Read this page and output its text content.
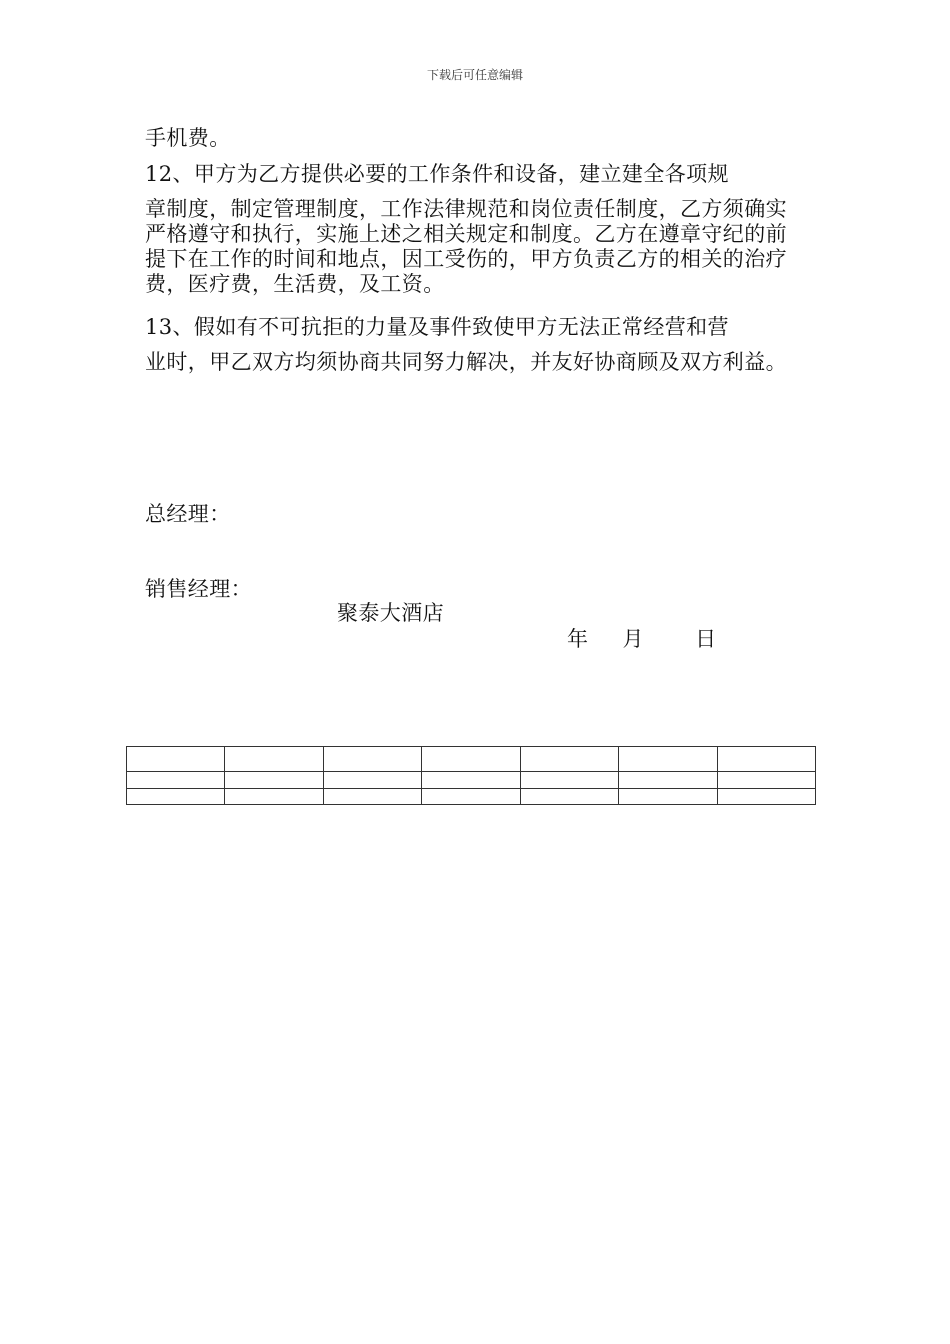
下载后可任意编辑

手机费。

12、甲方为乙方提供必要的工作条件和设备，建立建全各项规
章制度，制定管理制度，工作法律规范和岗位责任制度，乙方须确实严格遵守和执行，实施上述之相关规定和制度。乙方在遵章守纪的前提下在工作的时间和地点，因工受伤的，甲方负责乙方的相关的治疗费，医疗费，生活费，及工资。

13、假如有不可抗拒的力量及事件致使甲方无法正常经营和营
业时，甲乙双方均须协商共同努力解决，并友好协商顾及双方利益。

总经理：
销售经理：
聚泰大酒店
年  月   日
